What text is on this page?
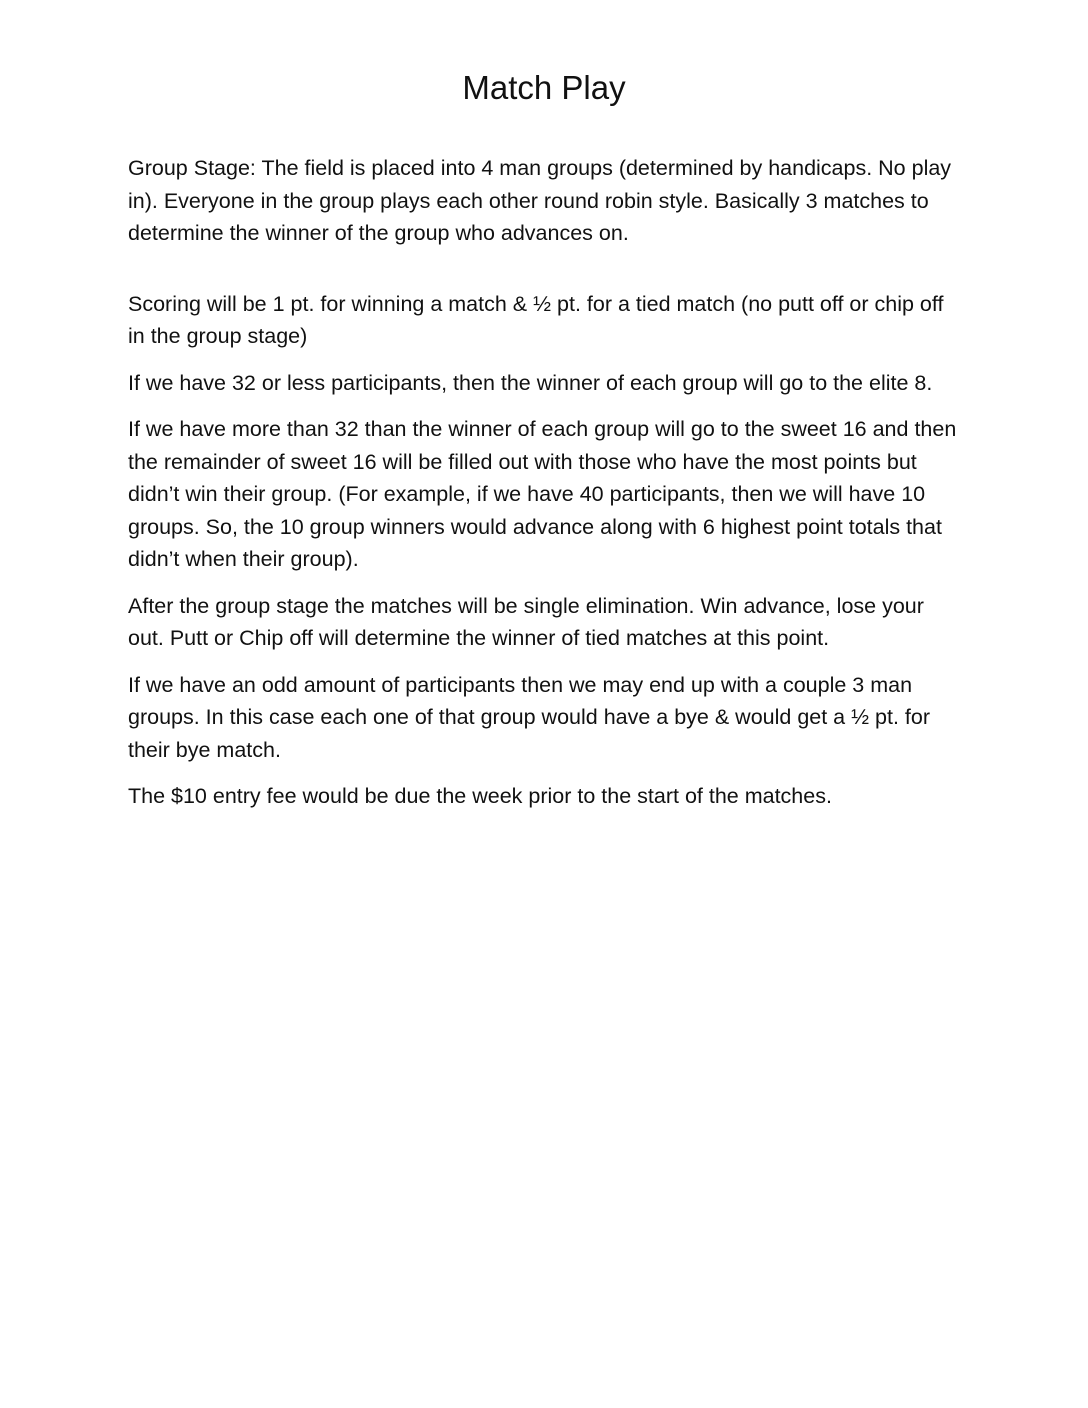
Match Play

Group Stage: The field is placed into 4 man groups (determined by handicaps. No play in). Everyone in the group plays each other round robin style. Basically 3 matches to determine the winner of the group who advances on.

Scoring will be 1 pt. for winning a match & ½ pt. for a tied match (no putt off or chip off in the group stage)

If we have 32 or less participants, then the winner of each group will go to the elite 8.

If we have more than 32 than the winner of each group will go to the sweet 16 and then the remainder of sweet 16 will be filled out with those who have the most points but didn’t win their group. (For example, if we have 40 participants, then we will have 10 groups. So, the 10 group winners would advance along with 6 highest point totals that didn’t when their group).

After the group stage the matches will be single elimination. Win advance, lose your out. Putt or Chip off will determine the winner of tied matches at this point.

If we have an odd amount of participants then we may end up with a couple 3 man groups. In this case each one of that group would have a bye & would get a ½ pt. for their bye match.

The $10 entry fee would be due the week prior to the start of the matches.
